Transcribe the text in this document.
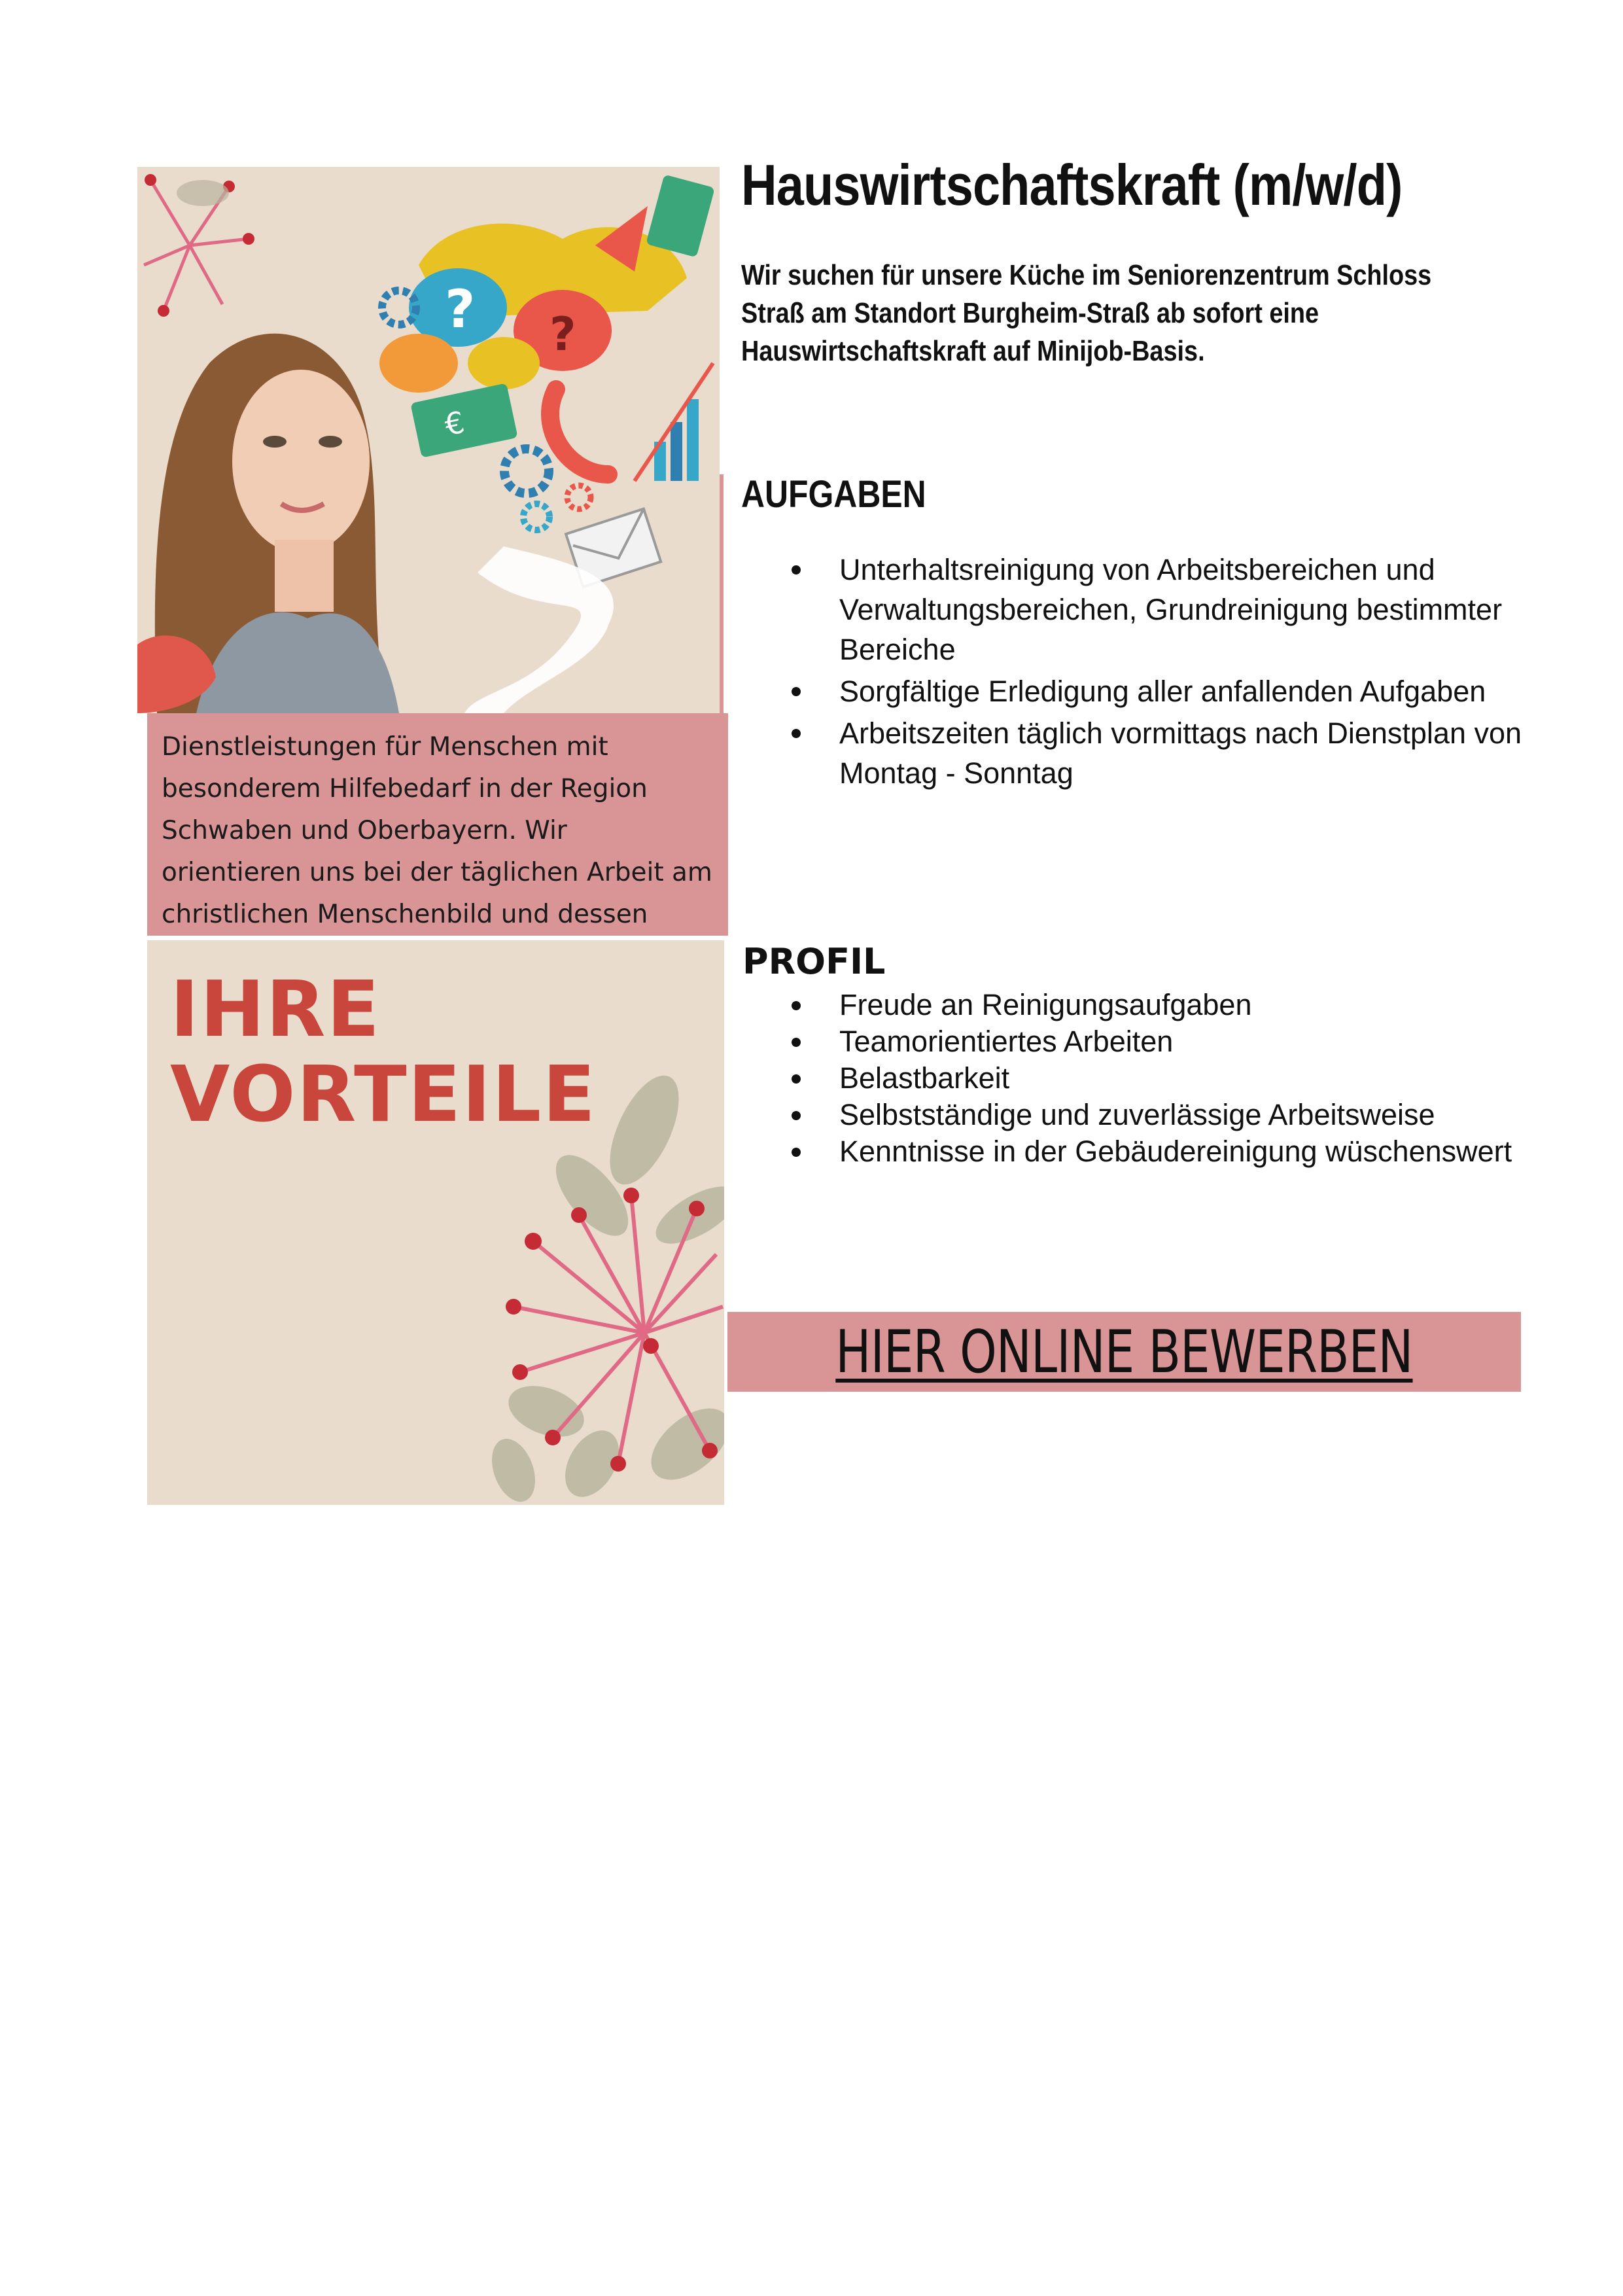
? ?
€

Dienstleistungen für Menschen mit besonderem Hilfebedarf in der Region Schwaben und Oberbayern. Wir orientieren uns bei der täglichen Arbeit am christlichen Menschenbild und dessen

IHRE
VORTEILE

Hauswirtschaftskraft (m/w/d)

Wir suchen für unsere Küche im Seniorenzentrum Schloss Straß am Standort Burgheim-Straß ab sofort eine Hauswirtschaftskraft auf Minijob-Basis.

AUFGABEN
Unterhaltsreinigung von Arbeitsbereichen und Verwaltungsbereichen, Grundreinigung bestimmter Bereiche
Sorgfältige Erledigung aller anfallenden Aufgaben
Arbeitszeiten täglich vormittags nach Dienstplan von Montag - Sonntag
PROFIL
Freude an Reinigungsaufgaben
Teamorientiertes Arbeiten
Belastbarkeit
Selbstständige und zuverlässige Arbeitsweise
Kenntnisse in der Gebäudereinigung wüschenswert
HIER ONLINE BEWERBEN
